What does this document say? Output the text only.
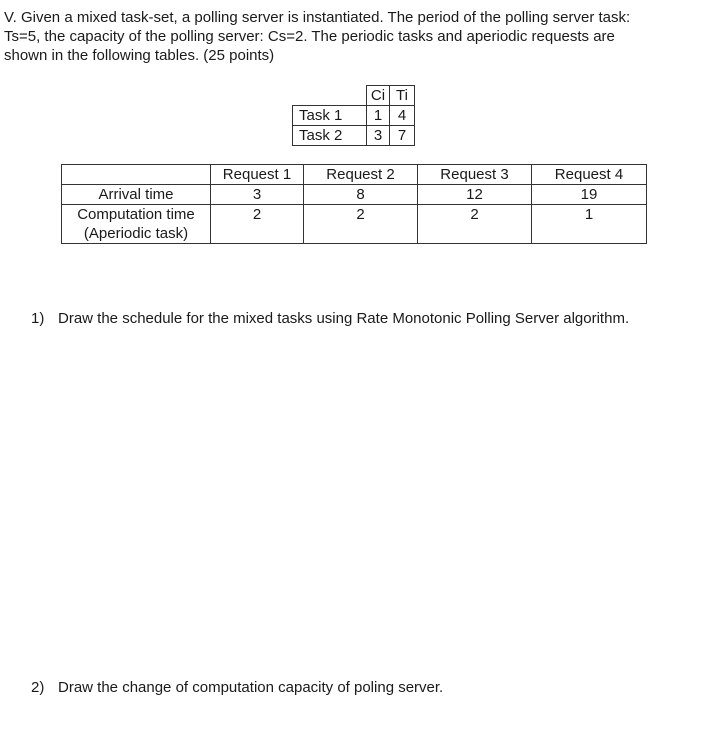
V. Given a mixed task-set, a polling server is instantiated. The period of the polling server task:
Ts=5, the capacity of the polling server: Cs=2. The periodic tasks and aperiodic requests are
shown in the following tables. (25 points)
	Ci	Ti
Task 1	1	4
Task 2	3	7
	Request 1	Request 2	Request 3	Request 4
Arrival time	3	8	12	19

Computation time
(Aperiodic task)	2	2	2	1

1) Draw the schedule for the mixed tasks using Rate Monotonic Polling Server algorithm.

2) Draw the change of computation capacity of poling server.
